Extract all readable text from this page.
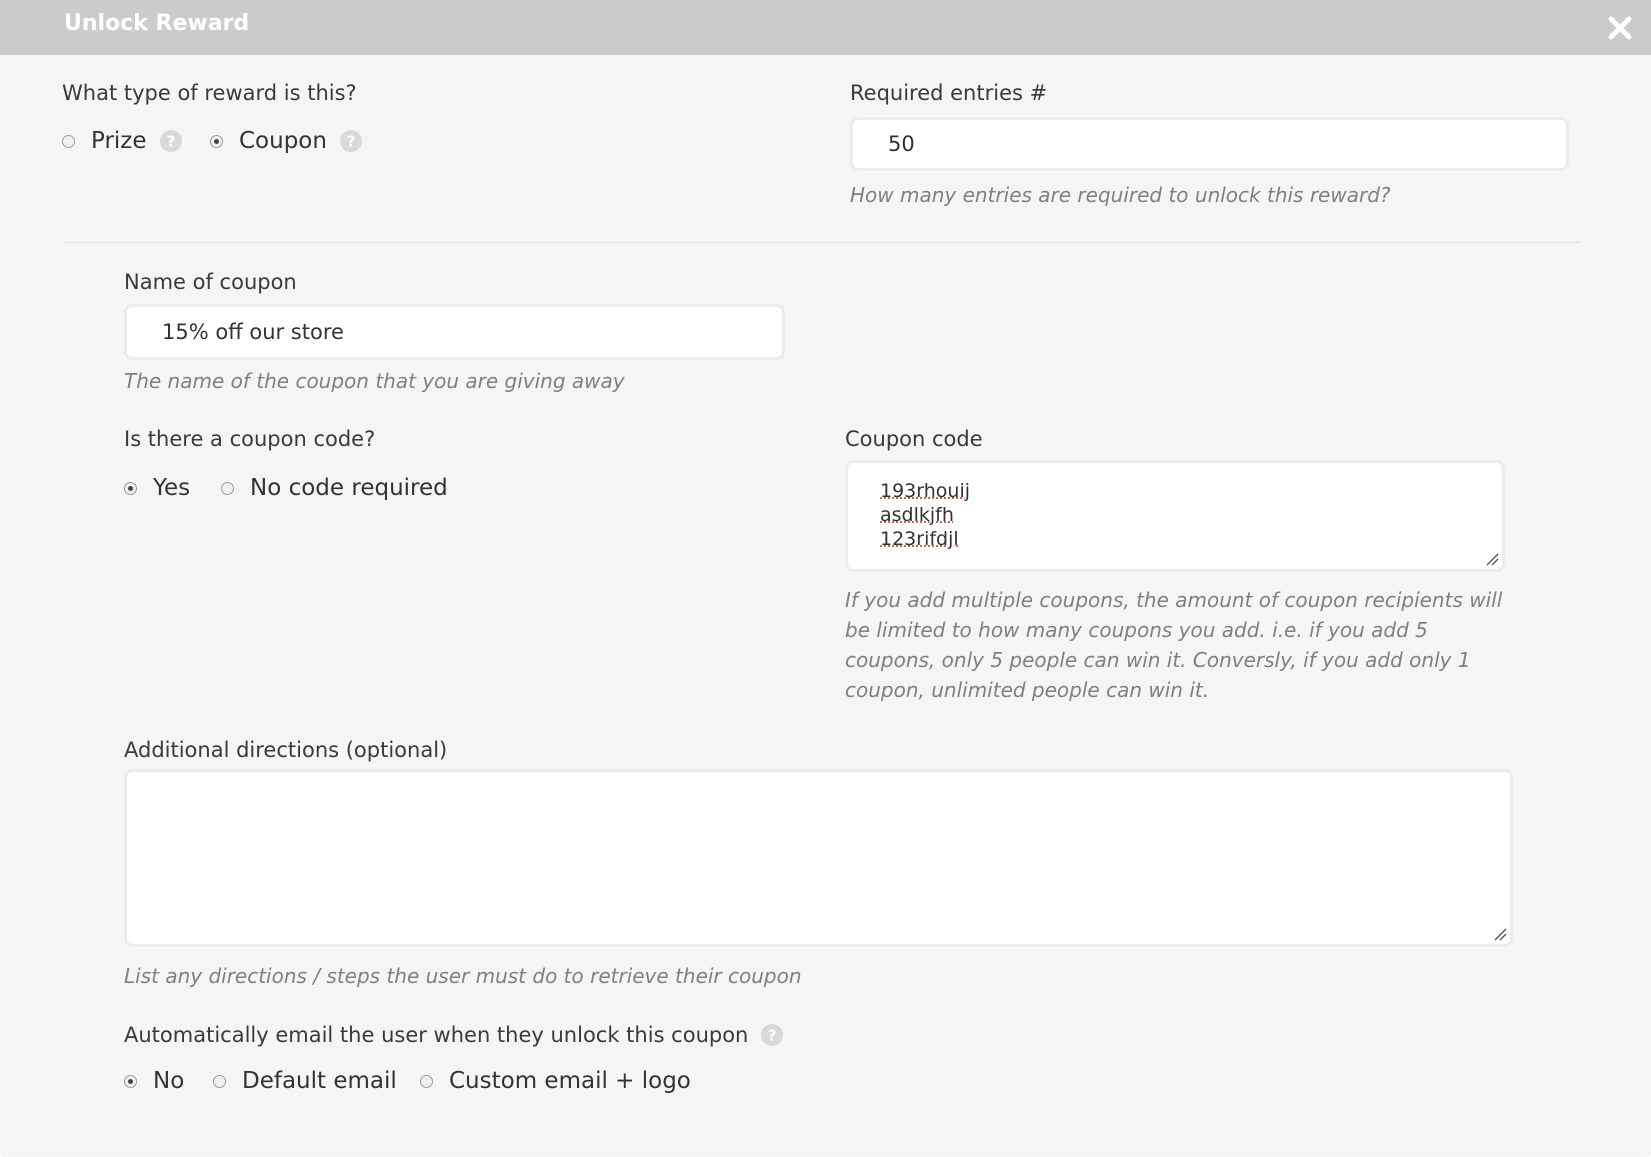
Unlock Reward
What type of reward is this?
Prize ?	Coupon ?
Required entries #
50
How many entries are required to unlock this reward?
Name of coupon
15% off our store
The name of the coupon that you are giving away
Is there a coupon code?
Yes	No code required
Coupon code
193rhouij
asdlkjfh
123rifdjl
If you add multiple coupons, the amount of coupon recipients will be limited to how many coupons you add. i.e. if you add 5 coupons, only 5 people can win it. Conversly, if you add only 1 coupon, unlimited people can win it.
Additional directions (optional)
List any directions / steps the user must do to retrieve their coupon
Automatically email the user when they unlock this coupon ?
No	Default email Custom email + logo
